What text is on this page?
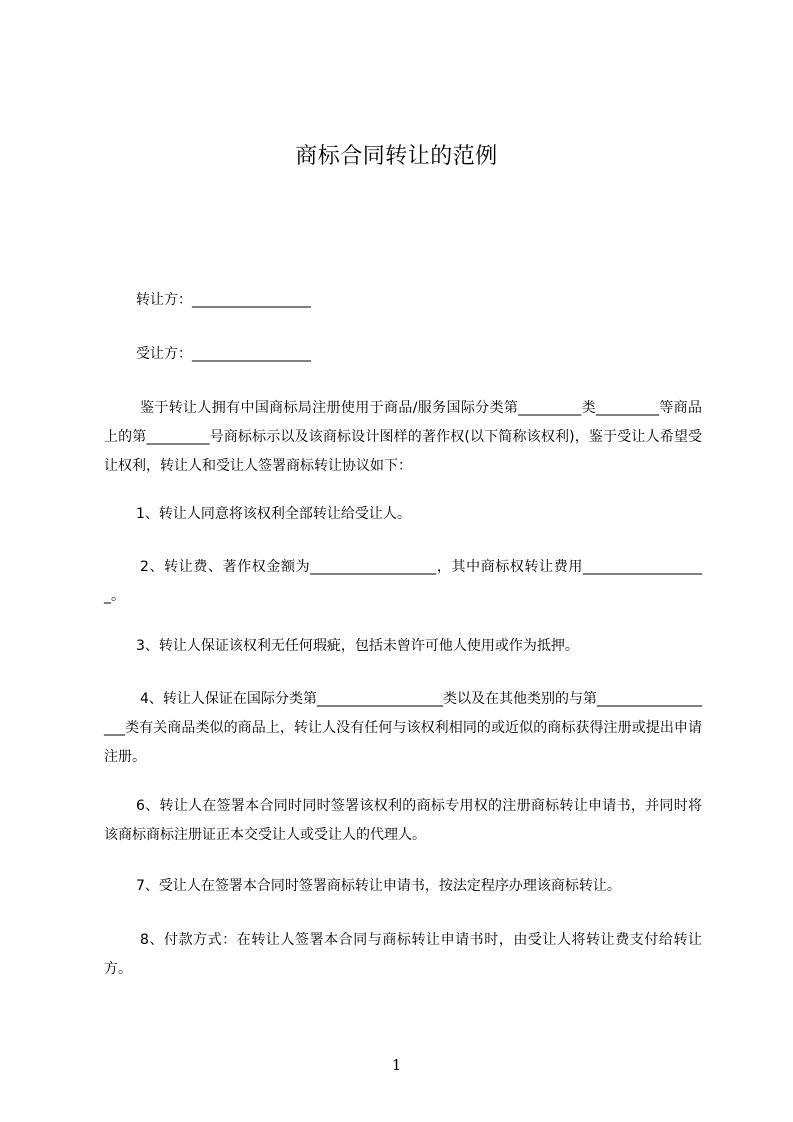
商标合同转让的范例

转让方：_________________

受让方：_________________

鉴于转让人拥有中国商标局注册使用于商品/服务国际分类第_________类_________等商品上的第_________号商标标示以及该商标设计图样的著作权(以下简称该权利)，鉴于受让人希望受让权利，转让人和受让人签署商标转让协议如下：

1、转让人同意将该权利全部转让给受让人。

2、转让费、著作权金额为__________________，其中商标权转让费用__________________。

3、转让人保证该权利无任何瑕疵，包括未曾许可他人使用或作为抵押。

4、转让人保证在国际分类第__________________类以及在其他类别的与第__________________类有关商品类似的商品上，转让人没有任何与该权利相同的或近似的商标获得注册或提出申请注册。

6、转让人在签署本合同时同时签署该权利的商标专用权的注册商标转让申请书，并同时将该商标商标注册证正本交受让人或受让人的代理人。

7、受让人在签署本合同时签署商标转让申请书，按法定程序办理该商标转让。

8、付款方式：在转让人签署本合同与商标转让申请书时，由受让人将转让费支付给转让方。

1
